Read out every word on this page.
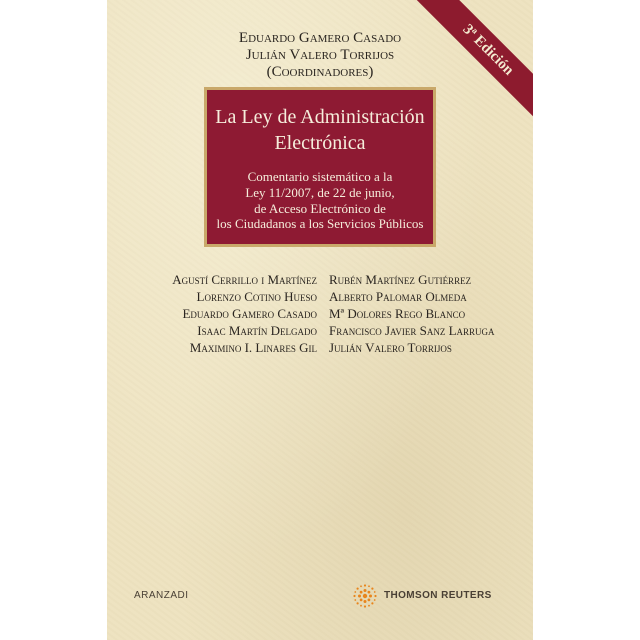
Eduardo Gamero Casado
Julián Valero Torrijos
(Coordinadores)	3ª Edición
La Ley de Administración
Electrónica
Comentario sistemático a la
Ley 11/2007, de 22 de junio,
de Acceso Electrónico de
los Ciudadanos a los Servicios Públicos
Agustí Cerrillo i Martínez
Lorenzo Cotino Hueso
Eduardo Gamero Casado
Isaac Martín Delgado
Maximino I. Linares Gil
Rubén Martínez Gutiérrez
Alberto Palomar Olmeda
Mª Dolores Rego Blanco
Francisco Javier Sanz Larruga
Julián Valero Torrijos
ARANZADI	THOMSON REUTERS
